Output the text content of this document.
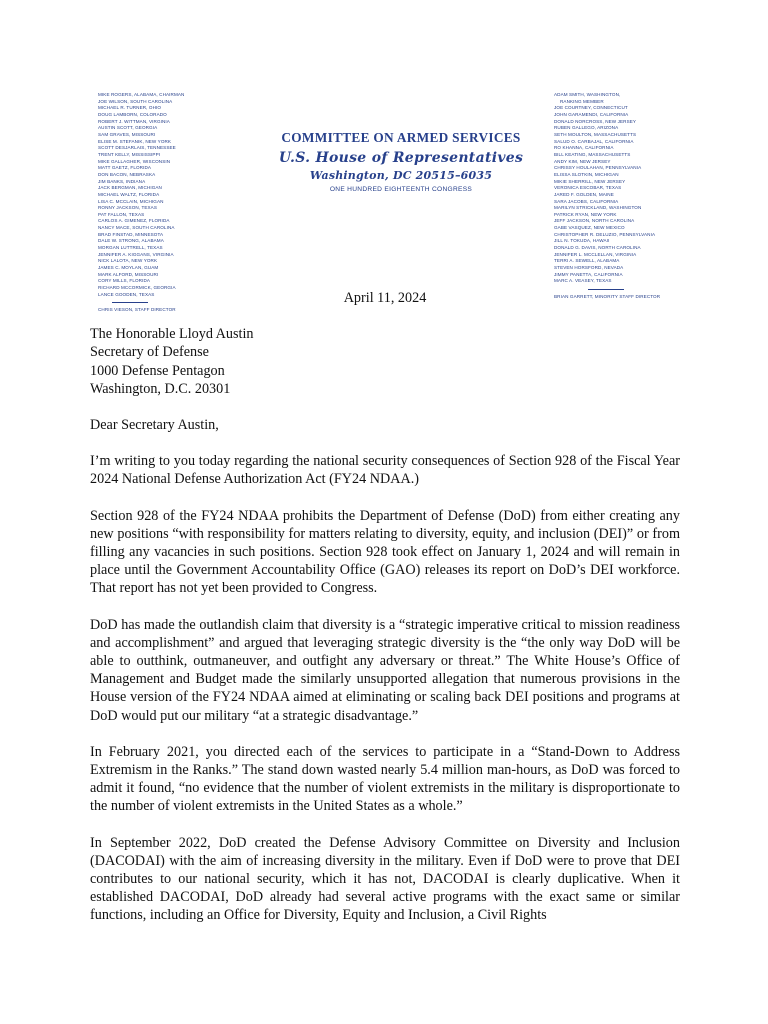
MIKE ROGERS, ALABAMA, CHAIRMAN
JOE WILSON, SOUTH CAROLINA
MICHAEL R. TURNER, OHIO
DOUG LAMBORN, COLORADO
ROBERT J. WITTMAN, VIRGINIA
AUSTIN SCOTT, GEORGIA
SAM GRAVES, MISSOURI
ELISE M. STEFANIK, NEW YORK
SCOTT DESJARLAIS, TENNESSEE
TRENT KELLY, MISSISSIPPI
MIKE GALLAGHER, WISCONSIN
MATT GAETZ, FLORIDA
DON BACON, NEBRASKA
JIM BANKS, INDIANA
JACK BERGMAN, MICHIGAN
MICHAEL WALTZ, FLORIDA
LISA C. MCCLAIN, MICHIGAN
RONNY JACKSON, TEXAS
PAT FALLON, TEXAS
CARLOS A. GIMENEZ, FLORIDA
NANCY MACE, SOUTH CAROLINA
BRAD FINSTAD, MINNESOTA
DALE W. STRONG, ALABAMA
MORGAN LUTTRELL, TEXAS
JENNIFER A. KIGGANS, VIRGINIA
NICK LALOTA, NEW YORK
JAMES C. MOYLAN, GUAM
MARK ALFORD, MISSOURI
CORY MILLS, FLORIDA
RICHARD MCCORMICK, GEORGIA
LANCE GOODEN, TEXAS
CHRIS VIESON, STAFF DIRECTOR
COMMITTEE ON ARMED SERVICES
U.S. House of Representatives
Washington, DC 20515–6035
ONE HUNDRED EIGHTEENTH CONGRESS
ADAM SMITH, WASHINGTON,
RANKING MEMBER
JOE COURTNEY, CONNECTICUT
JOHN GARAMENDI, CALIFORNIA
DONALD NORCROSS, NEW JERSEY
RUBEN GALLEGO, ARIZONA
SETH MOULTON, MASSACHUSETTS
SALUD O. CARBAJAL, CALIFORNIA
RO KHANNA, CALIFORNIA
BILL KEATING, MASSACHUSETTS
ANDY KIM, NEW JERSEY
CHRISSY HOULAHAN, PENNSYLVANIA
ELISSA SLOTKIN, MICHIGAN
MIKIE SHERRILL, NEW JERSEY
VERONICA ESCOBAR, TEXAS
JARED F. GOLDEN, MAINE
SARA JACOBS, CALIFORNIA
MARILYN STRICKLAND, WASHINGTON
PATRICK RYAN, NEW YORK
JEFF JACKSON, NORTH CAROLINA
GABE VASQUEZ, NEW MEXICO
CHRISTOPHER R. DELUZIO, PENNSYLVANIA
JILL N. TOKUDA, HAWAII
DONALD G. DAVIS, NORTH CAROLINA
JENNIFER L. MCCLELLAN, VIRGINIA
TERRI A. SEWELL, ALABAMA
STEVEN HORSFORD, NEVADA
JIMMY PANETTA, CALIFORNIA
MARC A. VEASEY, TEXAS
BRIAN GARRETT, MINORITY STAFF DIRECTOR

April 11, 2024

The Honorable Lloyd Austin
Secretary of Defense
1000 Defense Pentagon
Washington, D.C. 20301

Dear Secretary Austin,

I’m writing to you today regarding the national security consequences of Section 928 of the Fiscal Year 2024 National Defense Authorization Act (FY24 NDAA.)

Section 928 of the FY24 NDAA prohibits the Department of Defense (DoD) from either creating any new positions “with responsibility for matters relating to diversity, equity, and inclusion (DEI)” or from filling any vacancies in such positions. Section 928 took effect on January 1, 2024 and will remain in place until the Government Accountability Office (GAO) releases its report on DoD’s DEI workforce. That report has not yet been provided to Congress.

DoD has made the outlandish claim that diversity is a “strategic imperative critical to mission readiness and accomplishment” and argued that leveraging strategic diversity is the “the only way DoD will be able to outthink, outmaneuver, and outfight any adversary or threat.” The White House’s Office of Management and Budget made the similarly unsupported allegation that numerous provisions in the House version of the FY24 NDAA aimed at eliminating or scaling back DEI positions and programs at DoD would put our military “at a strategic disadvantage.”

In February 2021, you directed each of the services to participate in a “Stand-Down to Address Extremism in the Ranks.” The stand down wasted nearly 5.4 million man-hours, as DoD was forced to admit it found, “no evidence that the number of violent extremists in the military is disproportionate to the number of violent extremists in the United States as a whole.”

In September 2022, DoD created the Defense Advisory Committee on Diversity and Inclusion (DACODAI) with the aim of increasing diversity in the military. Even if DoD were to prove that DEI contributes to our national security, which it has not, DACODAI is clearly duplicative. When it established DACODAI, DoD already had several active programs with the exact same or similar functions, including an Office for Diversity, Equity and Inclusion, a Civil Rights
